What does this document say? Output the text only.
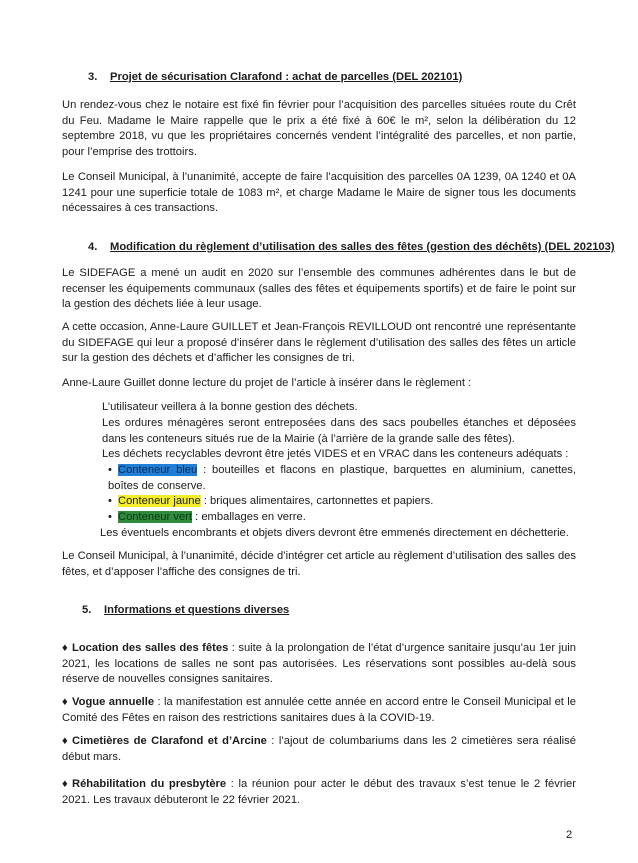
3. Projet de sécurisation Clarafond : achat de parcelles (DEL 202101)

Un rendez-vous chez le notaire est fixé fin février pour l’acquisition des parcelles situées route du Crêt du Feu. Madame le Maire rappelle que le prix a été fixé à 60€ le m², selon la délibération du 12 septembre 2018, vu que les propriétaires concernés vendent l’intégralité des parcelles, et non partie, pour l’emprise des trottoirs.

Le Conseil Municipal, à l’unanimité, accepte de faire l’acquisition des parcelles 0A 1239, 0A 1240 et 0A 1241 pour une superficie totale de 1083 m², et charge Madame le Maire de signer tous les documents nécessaires à ces transactions.

4. Modification du règlement d’utilisation des salles des fêtes (gestion des déchêts) (DEL 202103)

Le SIDEFAGE a mené un audit en 2020 sur l’ensemble des communes adhérentes dans le but de recenser les équipements communaux (salles des fêtes et équipements sportifs) et de faire le point sur la gestion des déchets liée à leur usage.

A cette occasion, Anne-Laure GUILLET et Jean-François REVILLOUD ont rencontré une représentante du SIDEFAGE qui leur a proposé d’insérer dans le règlement d’utilisation des salles des fêtes un article sur la gestion des déchets et d’afficher les consignes de tri.

Anne-Laure Guillet donne lecture du projet de l’article à insérer dans le règlement :

L’utilisateur veillera à la bonne gestion des déchets.

Les ordures ménagères seront entreposées dans des sacs poubelles étanches et déposées dans les conteneurs situés rue de la Mairie (à l’arrière de la grande salle des fêtes).

Les déchets recyclables devront être jetés VIDES et en VRAC dans les conteneurs adéquats :

• Conteneur bleu : bouteilles et flacons en plastique, barquettes en aluminium, canettes, boîtes de conserve.

• Conteneur jaune : briques alimentaires, cartonnettes et papiers.

• Conteneur vert : emballages en verre.

Les éventuels encombrants et objets divers devront être emmenés directement en déchetterie.

Le Conseil Municipal, à l’unanimité, décide d’intégrer cet article au règlement d’utilisation des salles des fêtes, et d’apposer l’affiche des consignes de tri.

5. Informations et questions diverses

♦ Location des salles des fêtes : suite à la prolongation de l’état d’urgence sanitaire jusqu’au 1er juin 2021, les locations de salles ne sont pas autorisées. Les réservations sont possibles au-delà sous réserve de nouvelles consignes sanitaires.

♦ Vogue annuelle : la manifestation est annulée cette année en accord entre le Conseil Municipal et le Comité des Fêtes en raison des restrictions sanitaires dues à la COVID-19.

♦ Cimetières de Clarafond et d’Arcine : l’ajout de columbariums dans les 2 cimetières sera réalisé début mars.

♦ Réhabilitation du presbytère : la réunion pour acter le début des travaux s’est tenue le 2 février 2021. Les travaux débuteront le 22 février 2021.

2
